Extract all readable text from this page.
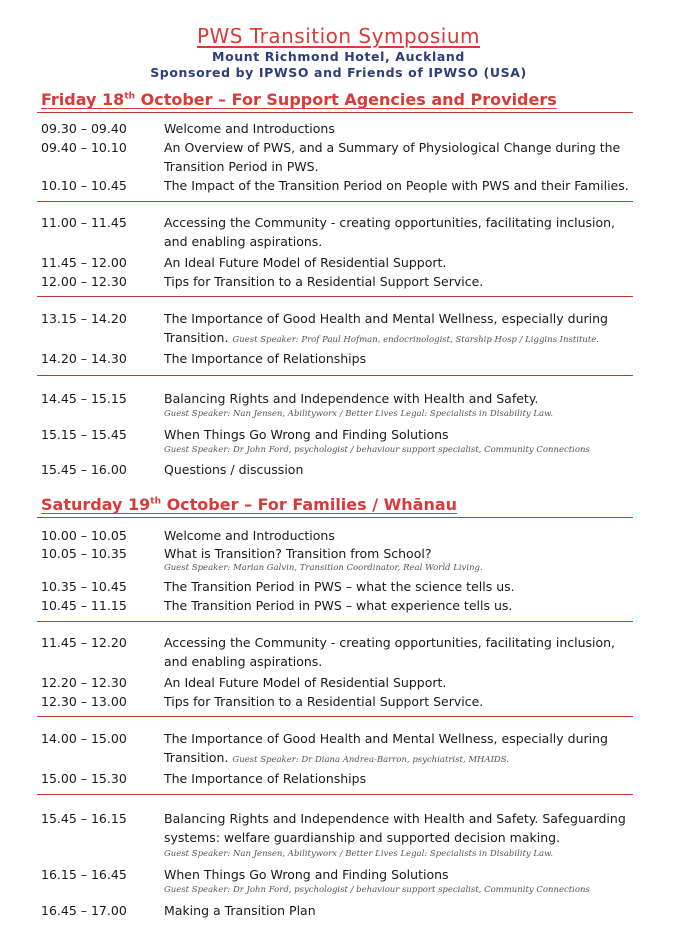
PWS Transition Symposium
Mount Richmond Hotel, Auckland
Sponsored by IPWSO and Friends of IPWSO (USA)
Friday 18th October – For Support Agencies and Providers
09.30 – 09.40	Welcome and Introductions
09.40 – 10.10	An Overview of PWS, and a Summary of Physiological Change during the Transition Period in PWS.
10.10 – 10.45	The Impact of the Transition Period on People with PWS and their Families.
11.00 – 11.45	Accessing the Community - creating opportunities, facilitating inclusion, and enabling aspirations.
11.45 – 12.00	An Ideal Future Model of Residential Support.
12.00 – 12.30	Tips for Transition to a Residential Support Service.
13.15 – 14.20	The Importance of Good Health and Mental Wellness, especially during Transition. Guest Speaker: Prof Paul Hofman, endocrinologist, Starship Hosp / Liggins Institute.
14.20 – 14.30	The Importance of Relationships
14.45 – 15.15	Balancing Rights and Independence with Health and Safety.
Guest Speaker: Nan Jensen, Abilityworx / Better Lives Legal: Specialists in Disability Law.
15.15 – 15.45	When Things Go Wrong and Finding Solutions
Guest Speaker: Dr John Ford, psychologist / behaviour support specialist, Community Connections
15.45 – 16.00	Questions / discussion
Saturday 19th October – For Families / Whānau
10.00 – 10.05	Welcome and Introductions
10.05 – 10.35	What is Transition? Transition from School?
Guest Speaker: Marian Galvin, Transition Coordinator, Real World Living.
10.35 – 10.45	The Transition Period in PWS – what the science tells us.
10.45 – 11.15	The Transition Period in PWS – what experience tells us.
11.45 – 12.20	Accessing the Community - creating opportunities, facilitating inclusion, and enabling aspirations.
12.20 – 12.30	An Ideal Future Model of Residential Support.
12.30 – 13.00	Tips for Transition to a Residential Support Service.
14.00 – 15.00	The Importance of Good Health and Mental Wellness, especially during Transition. Guest Speaker: Dr Diana Andrea-Barron, psychiatrist, MHAIDS.
15.00 – 15.30	The Importance of Relationships
15.45 – 16.15	Balancing Rights and Independence with Health and Safety. Safeguarding systems: welfare guardianship and supported decision making.
Guest Speaker: Nan Jensen, Abilityworx / Better Lives Legal: Specialists in Disability Law.
16.15 – 16.45	When Things Go Wrong and Finding Solutions
Guest Speaker: Dr John Ford, psychologist / behaviour support specialist, Community Connections
16.45 – 17.00	Making a Transition Plan
